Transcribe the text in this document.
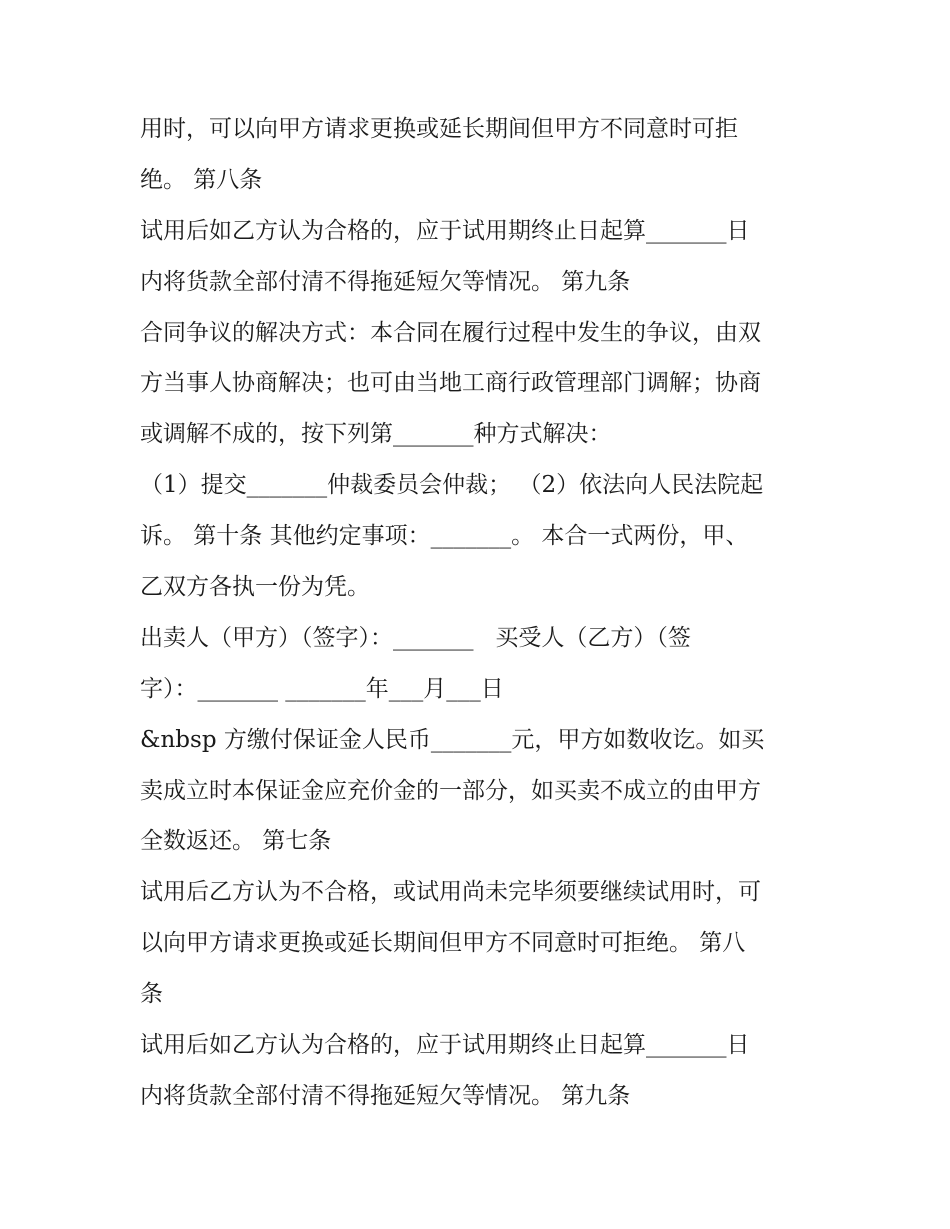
用时，可以向甲方请求更换或延长期间但甲方不同意时可拒
绝。 第八条
试用后如乙方认为合格的，应于试用期终止日起算_______日
内将货款全部付清不得拖延短欠等情况。 第九条
合同争议的解决方式：本合同在履行过程中发生的争议，由双
方当事人协商解决；也可由当地工商行政管理部门调解；协商
或调解不成的，按下列第_______种方式解决：
（1）提交_______仲裁委员会仲裁； （2）依法向人民法院起
诉。 第十条 其他约定事项：_______。 本合一式两份，甲、
乙双方各执一份为凭。
出卖人（甲方）（签字）：_______   买受人（乙方）（签
字）：_______ _______年___月___日
&nbsp 方缴付保证金人民币_______元，甲方如数收讫。如买
卖成立时本保证金应充价金的一部分，如买卖不成立的由甲方
全数返还。 第七条
试用后乙方认为不合格，或试用尚未完毕须要继续试用时，可
以向甲方请求更换或延长期间但甲方不同意时可拒绝。 第八
条
试用后如乙方认为合格的，应于试用期终止日起算_______日
内将货款全部付清不得拖延短欠等情况。 第九条
